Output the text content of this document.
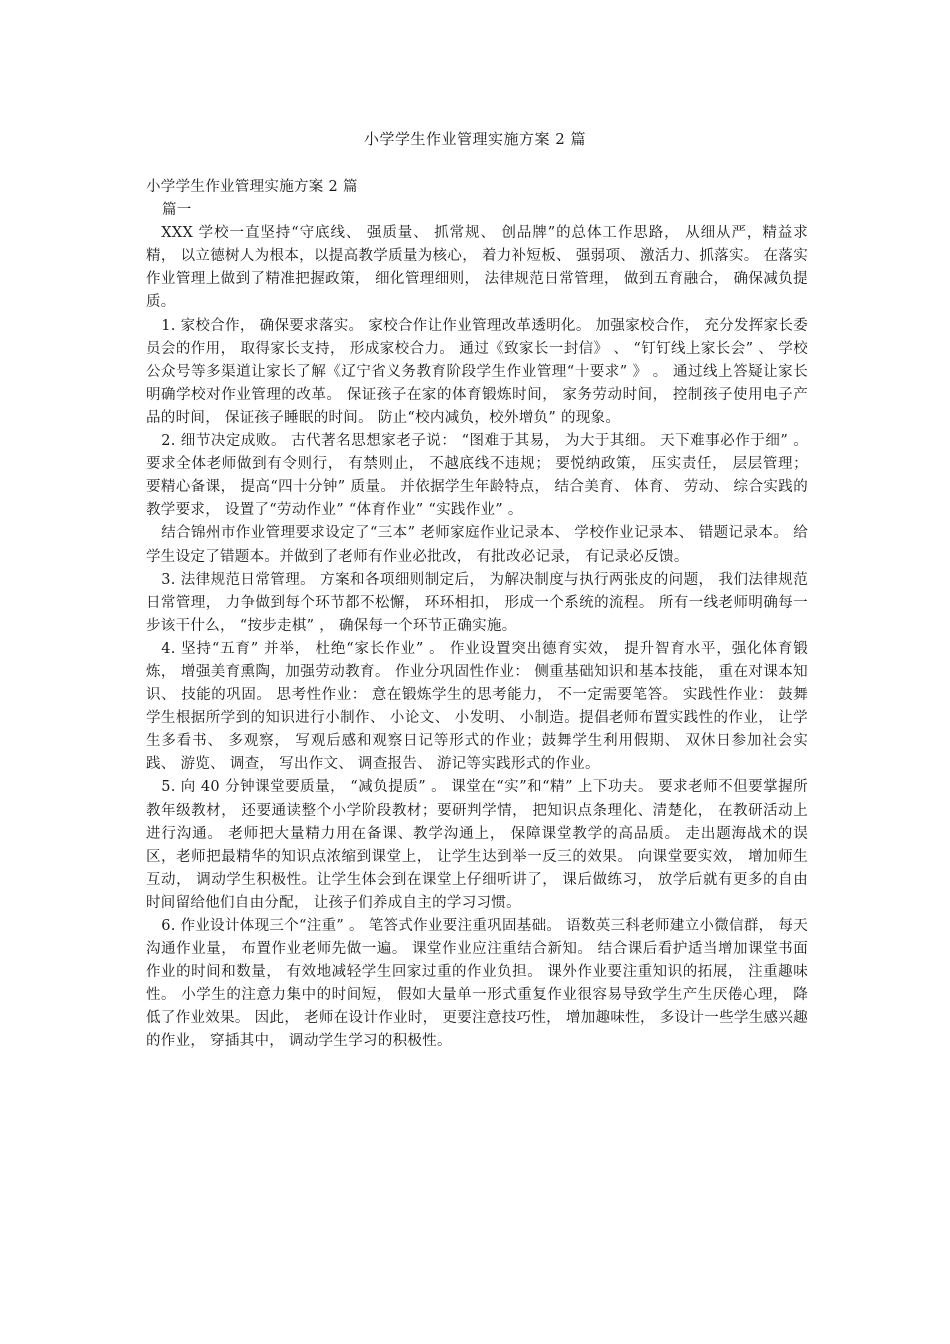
小学学生作业管理实施方案 2 篇

小学学生作业管理实施方案 2 篇

篇一

XXX 学校一直坚持“守底线、 强质量、 抓常规、 创品牌”的总体工作思路， 从细从严，精益求精， 以立德树人为根本，以提高教学质量为核心， 着力补短板、 强弱项、 激活力、抓落实。 在落实作业管理上做到了精准把握政策， 细化管理细则， 法律规范日常管理， 做到五育融合， 确保减负提质。

1. 家校合作， 确保要求落实。 家校合作让作业管理改革透明化。 加强家校合作， 充分发挥家长委员会的作用， 取得家长支持， 形成家校合力。 通过《致家长一封信》 、 “钉钉线上家长会” 、 学校公众号等多渠道让家长了解《辽宁省义务教育阶段学生作业管理“十要求” 》 。 通过线上答疑让家长明确学校对作业管理的改革。 保证孩子在家的体育锻炼时间， 家务劳动时间， 控制孩子使用电子产品的时间， 保证孩子睡眠的时间。 防止“校内减负，校外增负” 的现象。

2. 细节决定成败。 古代著名思想家老子说： “图难于其易， 为大于其细。 天下难事必作于细” 。 要求全体老师做到有令则行， 有禁则止， 不越底线不违规； 要悦纳政策， 压实责任， 层层管理； 要精心备课， 提高“四十分钟” 质量。 并依据学生年龄特点， 结合美育、 体育、 劳动、 综合实践的教学要求， 设置了“劳动作业” “体育作业” “实践作业” 。

结合锦州市作业管理要求设定了“三本” 老师家庭作业记录本、 学校作业记录本、 错题记录本。 给学生设定了错题本。并做到了老师有作业必批改， 有批改必记录， 有记录必反馈。

3. 法律规范日常管理。 方案和各项细则制定后， 为解决制度与执行两张皮的问题， 我们法律规范日常管理， 力争做到每个环节都不松懈， 环环相扣， 形成一个系统的流程。 所有一线老师明确每一步该干什么， “按步走棋” ， 确保每一个环节正确实施。

4. 坚持“五育” 并举， 杜绝“家长作业” 。 作业设置突出德育实效， 提升智育水平，强化体育锻炼， 增强美育熏陶，加强劳动教育。 作业分巩固性作业： 侧重基础知识和基本技能， 重在对课本知识、 技能的巩固。 思考性作业： 意在锻炼学生的思考能力， 不一定需要笔答。 实践性作业： 鼓舞学生根据所学到的知识进行小制作、 小论文、 小发明、 小制造。提倡老师布置实践性的作业， 让学生多看书、 多观察， 写观后感和观察日记等形式的作业；鼓舞学生利用假期、 双休日参加社会实践、 游览、 调查， 写出作文、 调查报告、 游记等实践形式的作业。

5. 向 40 分钟课堂要质量， “减负提质” 。 课堂在“实”和“精” 上下功夫。 要求老师不但要掌握所教年级教材， 还要通读整个小学阶段教材；要研判学情， 把知识点条理化、清楚化， 在教研活动上进行沟通。 老师把大量精力用在备课、教学沟通上， 保障课堂教学的高品质。 走出题海战术的误区，老师把最精华的知识点浓缩到课堂上， 让学生达到举一反三的效果。 向课堂要实效， 增加师生互动， 调动学生积极性。让学生体会到在课堂上仔细听讲了， 课后做练习， 放学后就有更多的自由时间留给他们自由分配， 让孩子们养成自主的学习习惯。

6. 作业设计体现三个“注重” 。 笔答式作业要注重巩固基础。 语数英三科老师建立小微信群， 每天沟通作业量， 布置作业老师先做一遍。 课堂作业应注重结合新知。 结合课后看护适当增加课堂书面作业的时间和数量， 有效地减轻学生回家过重的作业负担。 课外作业要注重知识的拓展， 注重趣味性。 小学生的注意力集中的时间短， 假如大量单一形式重复作业很容易导致学生产生厌倦心理， 降低了作业效果。 因此， 老师在设计作业时， 更要注意技巧性， 增加趣味性， 多设计一些学生感兴趣的作业， 穿插其中， 调动学生学习的积极性。
